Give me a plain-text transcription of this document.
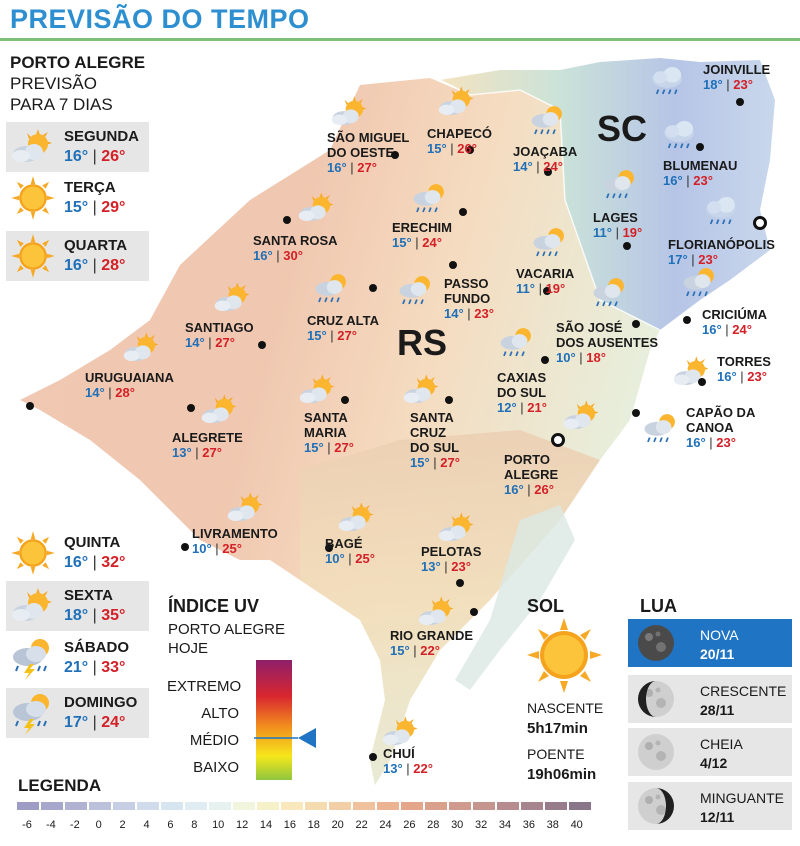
PREVISÃO DO TEMPO
PORTO ALEGRE
PREVISÃO
PARA 7 DIAS
SEGUNDA
16° | 26°
TERÇA
15° | 29°
QUARTA
16° | 28°
QUINTA
16° | 32°
SEXTA
18° | 35°
SÁBADO
21° | 33°
DOMINGO
17° | 24°
SC
RS
SÃO MIGUEL
DO OESTE
16° | 27°
CHAPECÓ
15° | 26°	JOAÇABA
14° | 24°
JOINVILLE
18° | 23°
BLUMENAU
16° | 23°
LAGES
11° | 19°
FLORIANÓPOLIS
17° | 23°
SANTA ROSA
16° | 30°
ERECHIM
15° | 24°
VACARIA
11° | 19°
PASSO
FUNDO
14° | 23°	CRICIÚMA
16° | 24°
SANTIAGO
14° | 27°
CRUZ ALTA
15° | 27°
SÃO JOSÉ
DOS AUSENTES
10° | 18°	TORRES
16° | 23°
URUGUAIANA
14° | 28°
CAXIAS
DO SUL
12° | 21°	CAPÃO DA
CANOA
16° | 23°
ALEGRETE
13° | 27°
SANTA
MARIA
15° | 27°
SANTA
CRUZ
DO SUL
15° | 27°	PORTO
ALEGRE
16° | 26°
LIVRAMENTO
10° | 25°	BAGÉ
10° | 25°	PELOTAS
13° | 23°
RIO GRANDE
15° | 22°
CHUÍ
13° | 22°
ÍNDICE UV
PORTO ALEGRE
HOJE
EXTREMO
ALTO
MÉDIO
BAIXO
SOL
NASCENTE
5h17min
POENTE
19h06min
LUA
NOVA
20/11
CRESCENTE
28/11
CHEIA
4/12
MINGUANTE
12/11
LEGENDA
-6	-4	-2	0	2	4	6	8	10	12	14	16	18	20	22	24	26	28	30	32	34	36	38	40
